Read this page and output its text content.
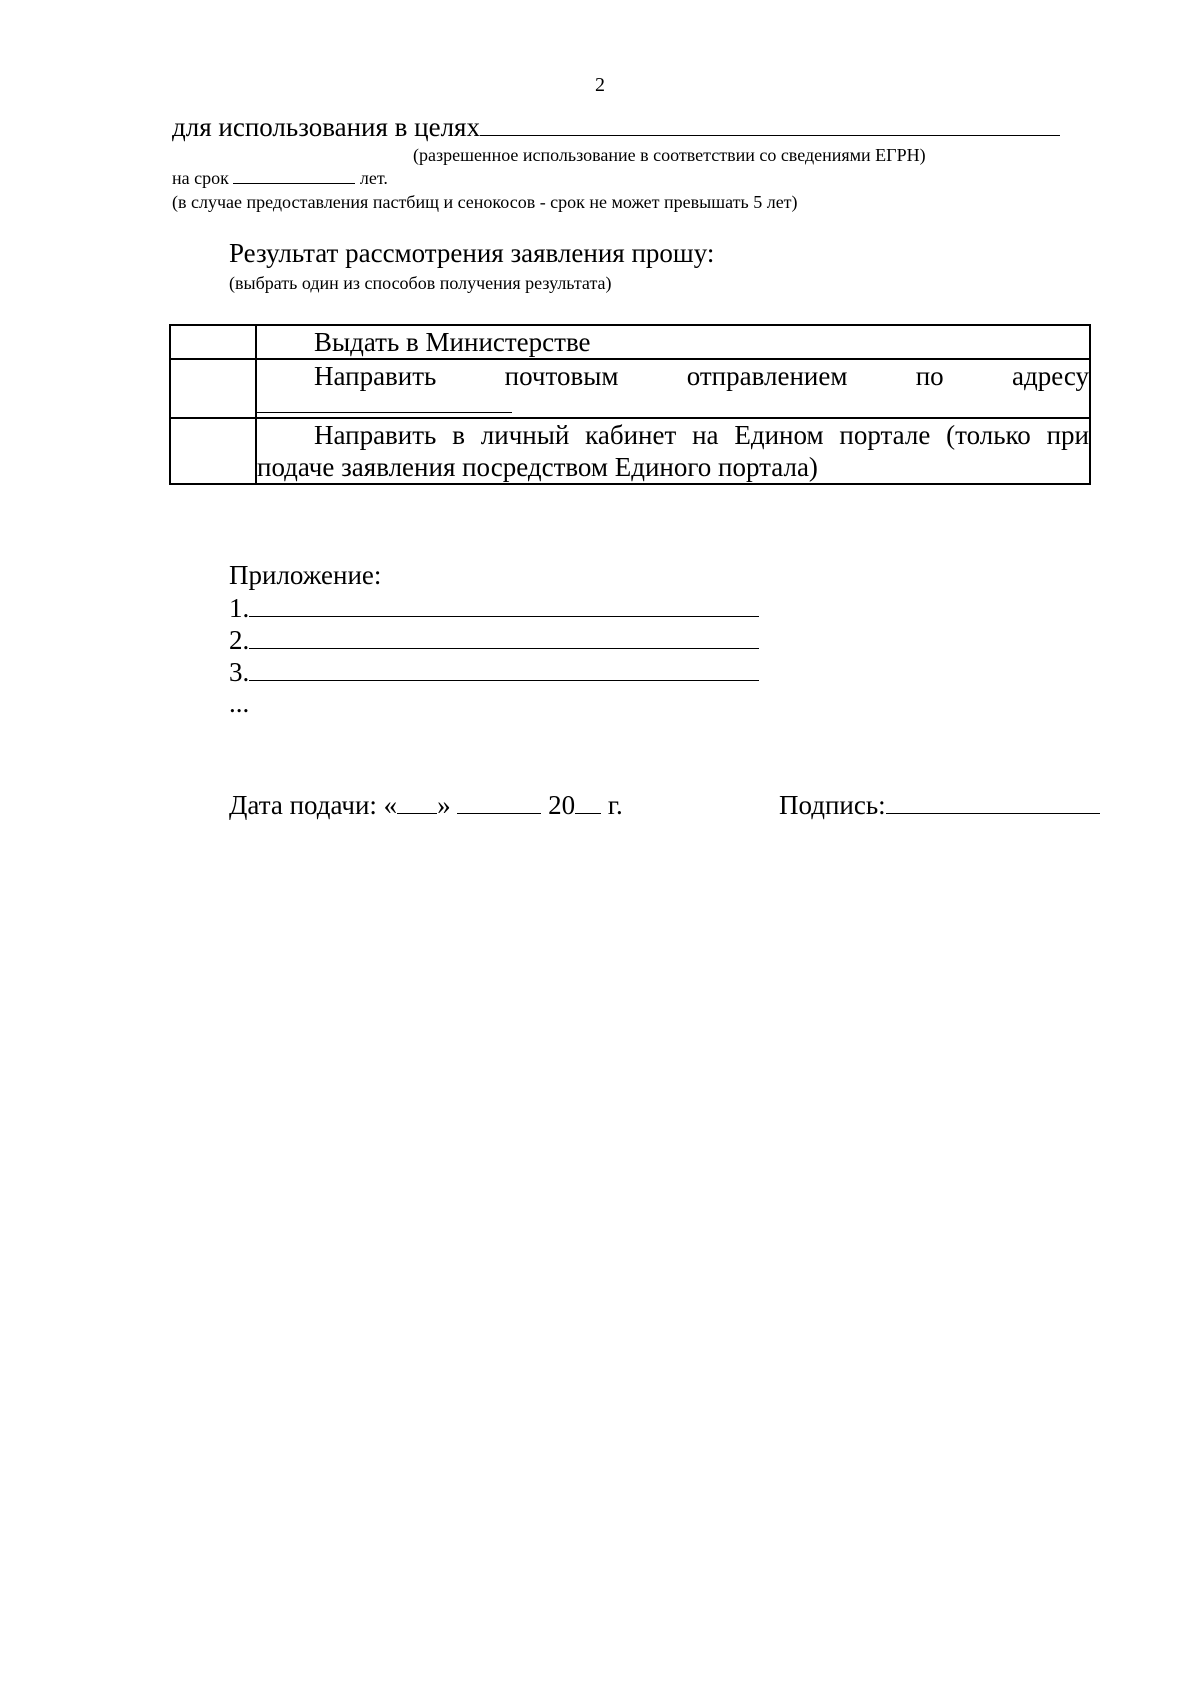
2
для использования в целях
(разрешенное использование в соответствии со сведениями ЕГРН)
на срок	лет.
(в случае предоставления пастбищ и сенокосов - срок не может превышать 5 лет)
Результат рассмотрения заявления прошу:
(выбрать один из способов получения результата)

	Выдать в Министерстве

	Направить почтовым отправлением по адресу

	Направить в личный кабинет на Едином портале (только при подаче заявления посредством Единого портала)
Приложение:
1.
2.
3.
...
Дата подачи: « »	20 г.	Подпись:
